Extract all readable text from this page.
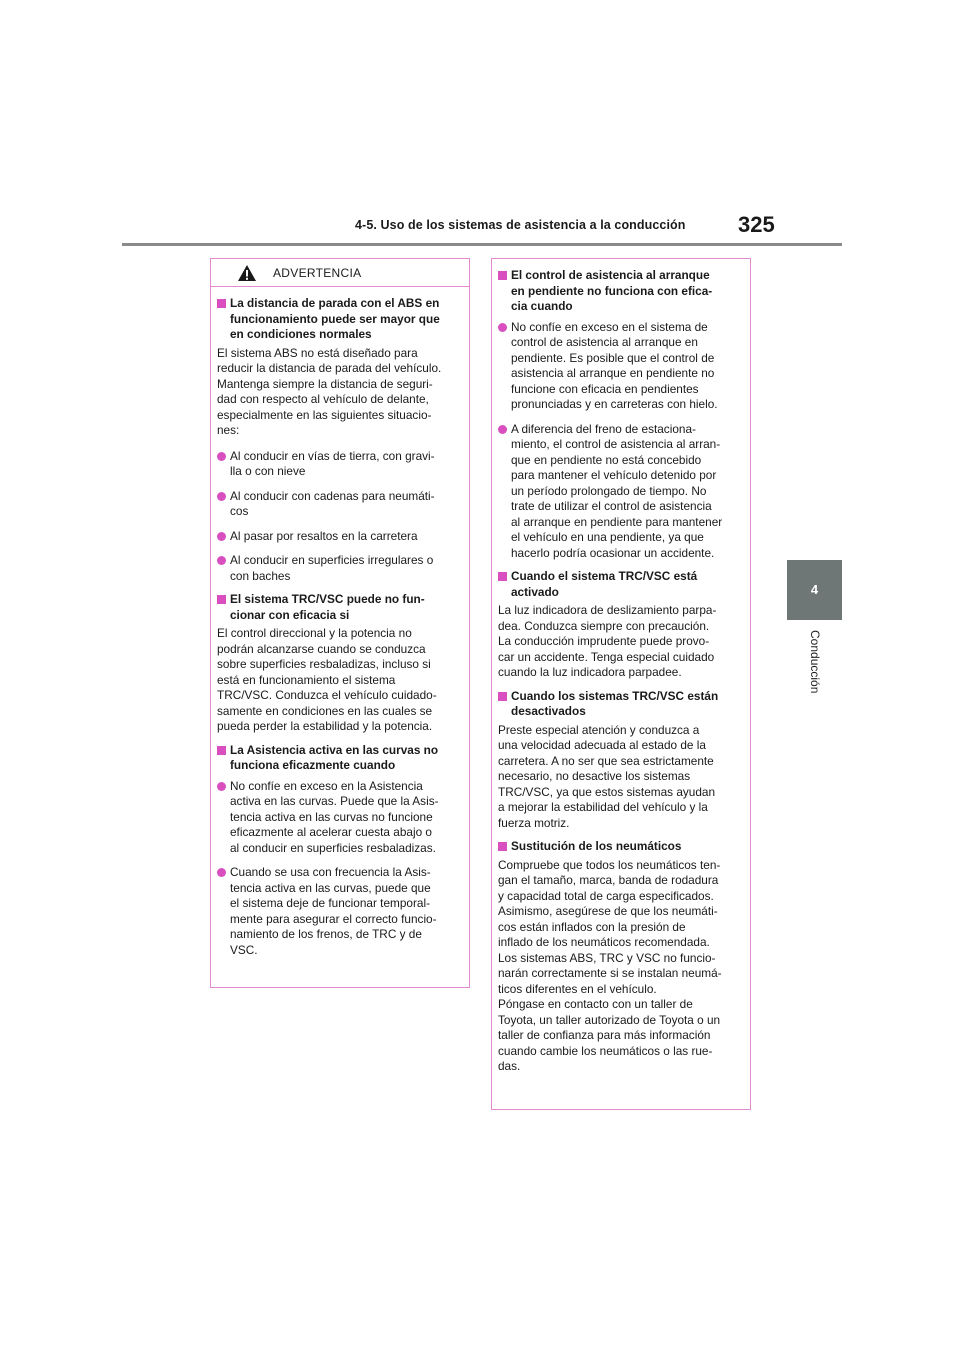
4-5. Uso de los sistemas de asistencia a la conducción 325
4
Conducción
ADVERTENCIA
La distancia de parada con el ABS en
funcionamiento puede ser mayor que
en condiciones normales
El sistema ABS no está diseñado para
reducir la distancia de parada del vehículo.
Mantenga siempre la distancia de seguri-
dad con respecto al vehículo de delante,
especialmente en las siguientes situacio-
nes:
Al conducir en vías de tierra, con gravi-
lla o con nieve
Al conducir con cadenas para neumáti-
cos
Al pasar por resaltos en la carretera
Al conducir en superficies irregulares o
con baches
El sistema TRC/VSC puede no fun-
cionar con eficacia si
El control direccional y la potencia no
podrán alcanzarse cuando se conduzca
sobre superficies resbaladizas, incluso si
está en funcionamiento el sistema
TRC/VSC. Conduzca el vehículo cuidado-
samente en condiciones en las cuales se
pueda perder la estabilidad y la potencia.
La Asistencia activa en las curvas no
funciona eficazmente cuando
No confíe en exceso en la Asistencia
activa en las curvas. Puede que la Asis-
tencia activa en las curvas no funcione
eficazmente al acelerar cuesta abajo o
al conducir en superficies resbaladizas.
Cuando se usa con frecuencia la Asis-
tencia activa en las curvas, puede que
el sistema deje de funcionar temporal-
mente para asegurar el correcto funcio-
namiento de los frenos, de TRC y de
VSC.
El control de asistencia al arranque
en pendiente no funciona con efica-
cia cuando
No confíe en exceso en el sistema de
control de asistencia al arranque en
pendiente. Es posible que el control de
asistencia al arranque en pendiente no
funcione con eficacia en pendientes
pronunciadas y en carreteras con hielo.
A diferencia del freno de estaciona-
miento, el control de asistencia al arran-
que en pendiente no está concebido
para mantener el vehículo detenido por
un período prolongado de tiempo. No
trate de utilizar el control de asistencia
al arranque en pendiente para mantener
el vehículo en una pendiente, ya que
hacerlo podría ocasionar un accidente.
Cuando el sistema TRC/VSC está
activado
La luz indicadora de deslizamiento parpa-
dea. Conduzca siempre con precaución.
La conducción imprudente puede provo-
car un accidente. Tenga especial cuidado
cuando la luz indicadora parpadee.
Cuando los sistemas TRC/VSC están
desactivados
Preste especial atención y conduzca a
una velocidad adecuada al estado de la
carretera. A no ser que sea estrictamente
necesario, no desactive los sistemas
TRC/VSC, ya que estos sistemas ayudan
a mejorar la estabilidad del vehículo y la
fuerza motriz.
Sustitución de los neumáticos
Compruebe que todos los neumáticos ten-
gan el tamaño, marca, banda de rodadura
y capacidad total de carga especificados.
Asimismo, asegúrese de que los neumáti-
cos están inflados con la presión de
inflado de los neumáticos recomendada.
Los sistemas ABS, TRC y VSC no funcio-
narán correctamente si se instalan neumá-
ticos diferentes en el vehículo.
Póngase en contacto con un taller de
Toyota, un taller autorizado de Toyota o un
taller de confianza para más información
cuando cambie los neumáticos o las rue-
das.
